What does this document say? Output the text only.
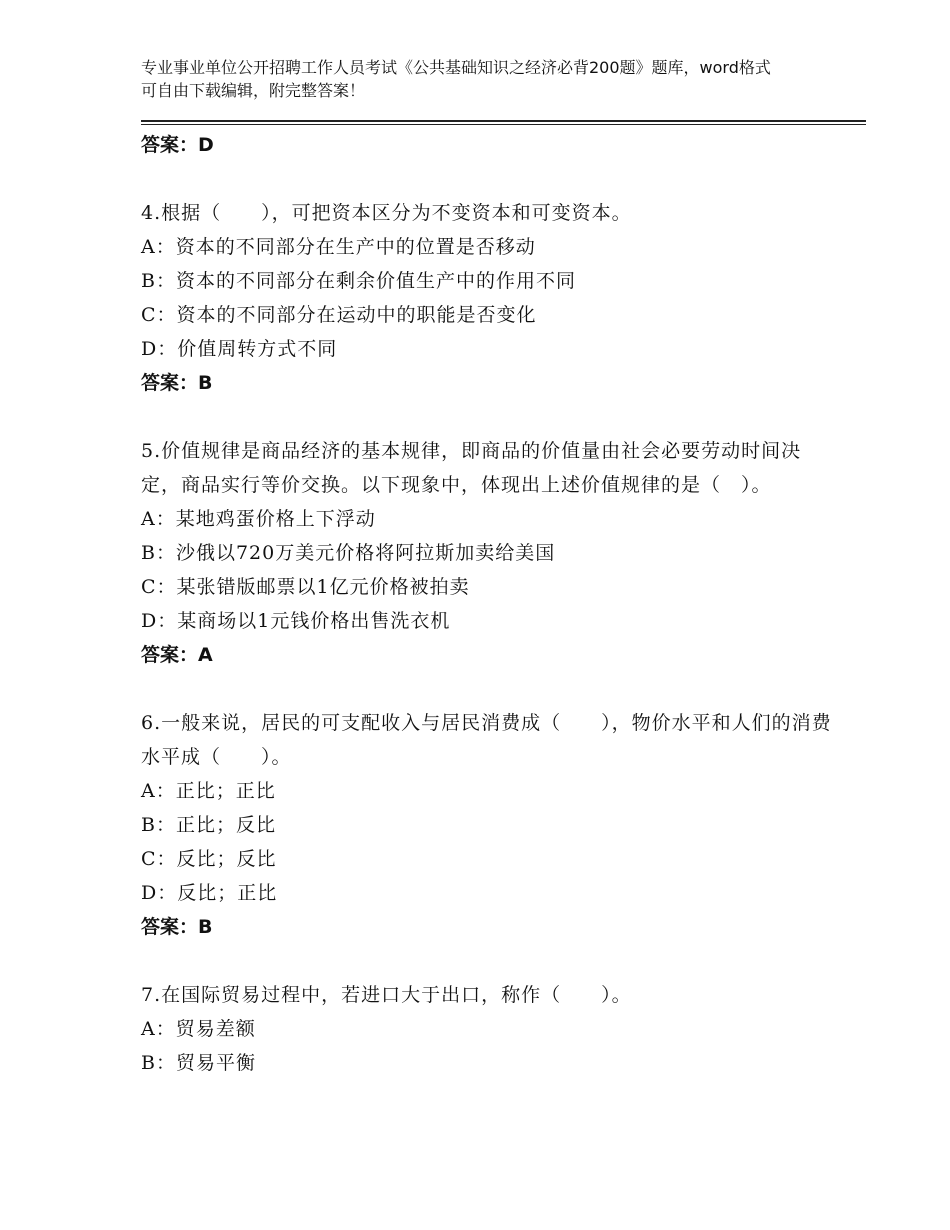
专业事业单位公开招聘工作人员考试《公共基础知识之经济必背200题》题库，word格式可自由下载编辑，附完整答案！
答案：D
4.根据（　　），可把资本区分为不变资本和可变资本。
A：资本的不同部分在生产中的位置是否移动
B：资本的不同部分在剩余价值生产中的作用不同
C：资本的不同部分在运动中的职能是否变化
D：价值周转方式不同
答案：B
5.价值规律是商品经济的基本规律，即商品的价值量由社会必要劳动时间决定，商品实行等价交换。以下现象中，体现出上述价值规律的是（　）。
A：某地鸡蛋价格上下浮动
B：沙俄以720万美元价格将阿拉斯加卖给美国
C：某张错版邮票以1亿元价格被拍卖
D：某商场以1元钱价格出售洗衣机
答案：A
6.一般来说，居民的可支配收入与居民消费成（　　），物价水平和人们的消费水平成（　　）。
A：正比；正比
B：正比；反比
C：反比；反比
D：反比；正比
答案：B
7.在国际贸易过程中，若进口大于出口，称作（　　）。
A：贸易差额
B：贸易平衡
